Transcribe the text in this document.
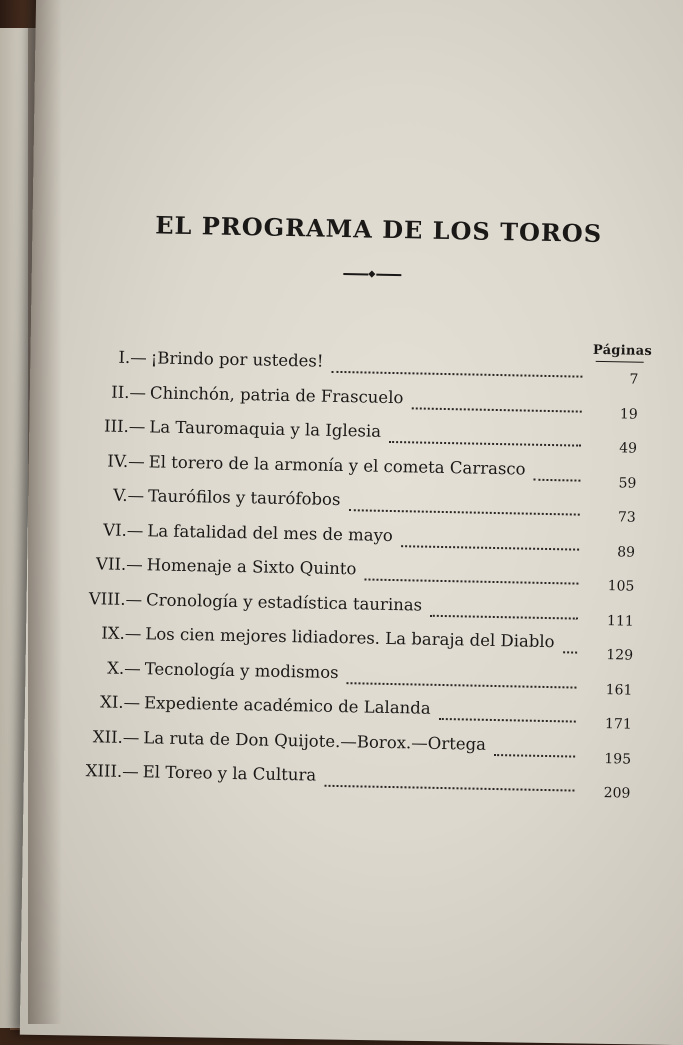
EL PROGRAMA DE LOS TOROS
Páginas
I.— ¡Brindo por ustedes!
7
II.— Chinchón, patria de Frascuelo
19
III.— La Tauromaquia y la Iglesia
49
IV.— El torero de la armonía y el cometa Carrasco
59
V.— Taurófilos y taurófobos
73
VI.— La fatalidad del mes de mayo
89
VII.— Homenaje a Sixto Quinto
105
VIII.— Cronología y estadística taurinas
111
IX.— Los cien mejores lidiadores. La baraja del Diablo
129
X.— Tecnología y modismos
161
XI.— Expediente académico de Lalanda
171
XII.— La ruta de Don Quijote.—Borox.—Ortega
195
XIII.— El Toreo y la Cultura
209
